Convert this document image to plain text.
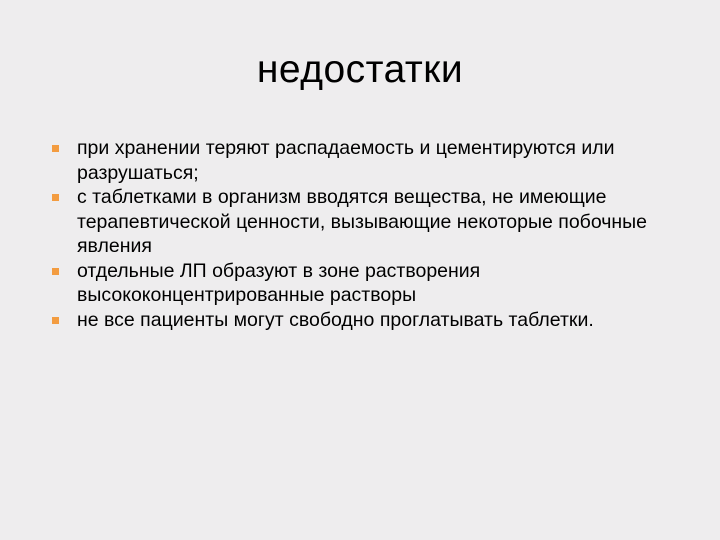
недостатки
при хранении теряют распадаемость и цементируются или разрушаться;
с таблетками в организм вводятся вещества, не имеющие терапевтической ценности, вызывающие некоторые побочные явления
отдельные ЛП образуют в зоне растворения высококонцентрированные растворы
не все пациенты могут свободно проглатывать таблетки.
